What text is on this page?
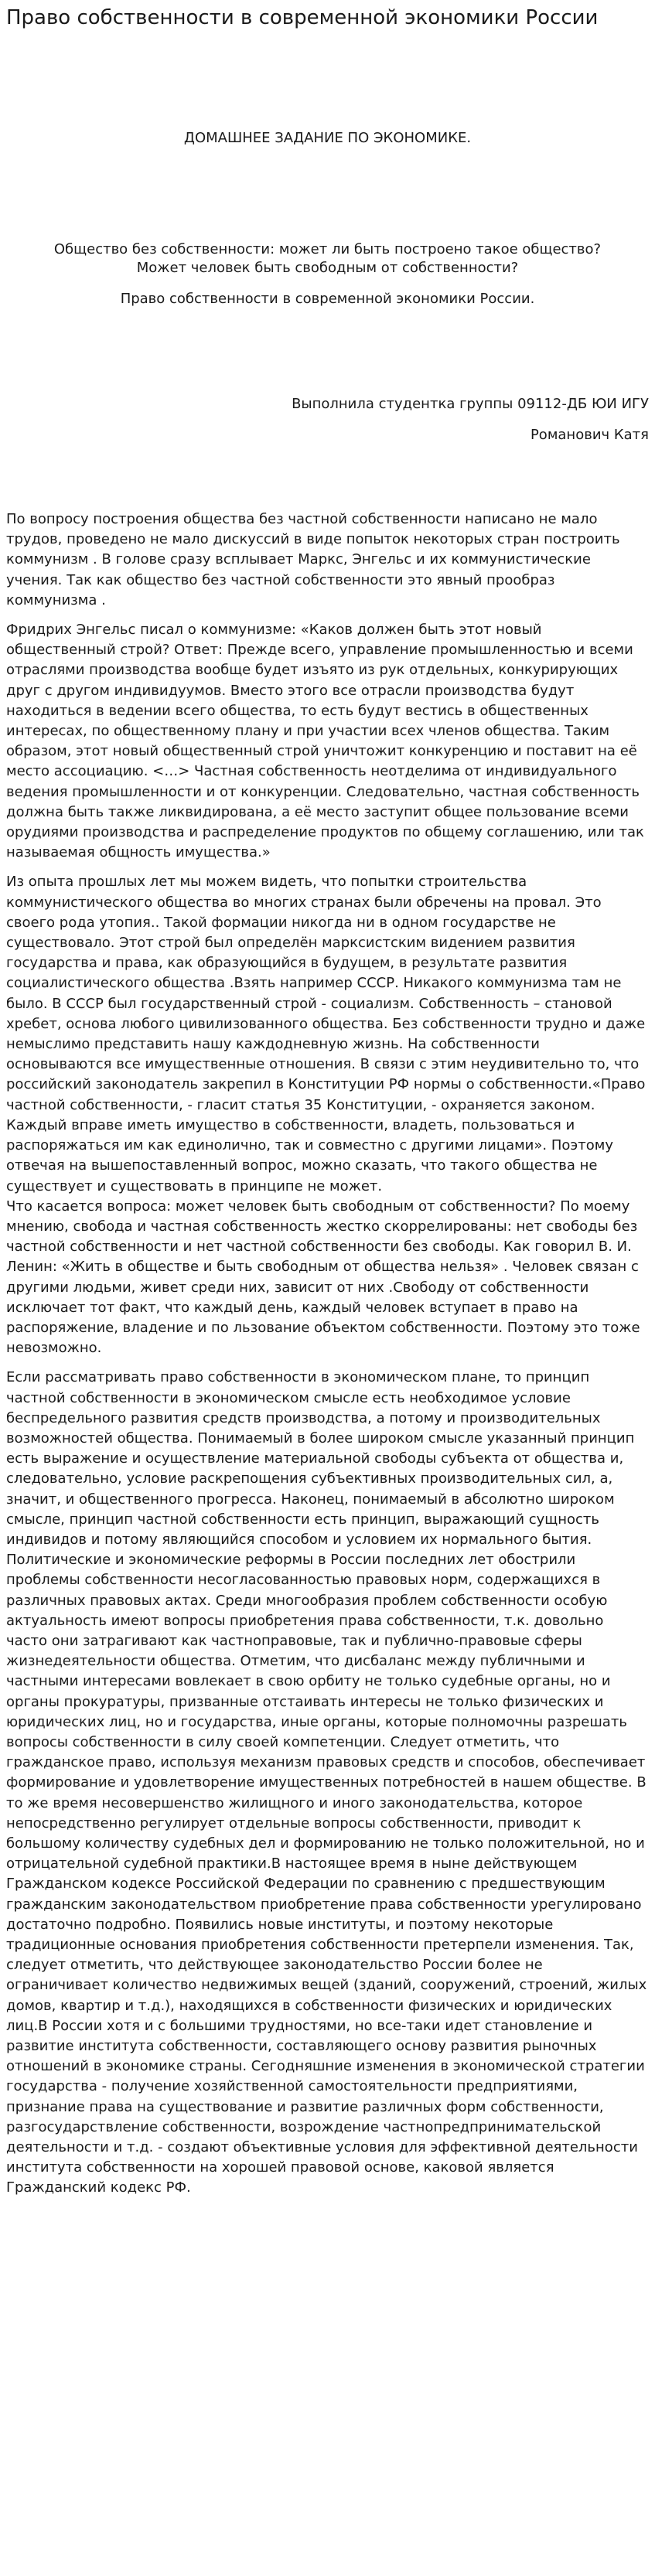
Право собственности в современной экономики России
ДОМАШНЕЕ ЗАДАНИЕ ПО ЭКОНОМИКЕ.

Общество без собственности: может ли быть построено такое общество?

Может человек быть свободным от собственности?

Право собственности в современной экономики России.
Выполнила студентка группы 09112-ДБ ЮИ ИГУ
Романович Катя

По вопросу построения общества без частной собственности написано не мало трудов, проведено не мало дискуссий в виде попыток некоторых стран построить коммунизм . В голове сразу всплывает Маркс, Энгельс и их коммунистические учения. Так как общество без частной собственности это явный прообраз коммунизма .

Фридрих Энгельс писал о коммунизме: «Каков должен быть этот новый общественный строй? Ответ: Прежде всего, управление промышленностью и всеми отраслями производства вообще будет изъято из рук отдельных, конкурирующих друг с другом индивидуумов. Вместо этого все отрасли производства будут находиться в ведении всего общества, то есть будут вестись в общественных интересах, по общественному плану и при участии всех членов общества. Таким образом, этот новый общественный строй уничтожит конкуренцию и поставит на её место ассоциацию. <…> Частная собственность неотделима от индивидуального ведения промышленности и от конкуренции. Следовательно, частная собственность должна быть также ликвидирована, а её место заступит общее пользование всеми орудиями производства и распределение продуктов по общему соглашению, или так называемая общность имущества.»

Из опыта прошлых лет мы можем видеть, что попытки строительства коммунистического общества во многих странах были обречены на провал. Это своего рода утопия.. Такой формации никогда ни в одном государстве не существовало. Этот строй был определён марксистским видением развития государства и права, как образующийся в будущем, в результате развития социалистического общества .Взять например СССР. Никакого коммунизма там не было. В СССР был государственный строй - социализм. Собственность – становой хребет, основа любого цивилизованного общества. Без собственности трудно и даже немыслимо представить нашу каждодневную жизнь. На собственности основываются все имущественные отношения. В связи с этим неудивительно то, что российский законодатель закрепил в Конституции РФ нормы о собственности.«Право частной собственности, - гласит статья 35 Конституции, - охраняется законом. Каждый вправе иметь имущество в собственности, владеть, пользоваться и распоряжаться им как единолично, так и совместно с другими лицами». Поэтому отвечая на вышепоставленный вопрос, можно сказать, что такого общества не существует и существовать в принципе не может.

Что касается вопроса: может человек быть свободным от собственности? По моему мнению, свобода и частная собственность жестко скоррелированы: нет свободы без частной собственности и нет частной собственности без свободы. Как говорил В. И. Ленин: «Жить в обществе и быть свободным от общества нельзя» . Человек связан с другими людьми, живет среди них, зависит от них .Свободу от собственности исключает тот факт, что каждый день, каждый человек вступает в право на распоряжение, владение и по льзование объектом собственности. Поэтому это тоже невозможно.

Если рассматривать право собственности в экономическом плане, то принцип частной собственности в экономическом смысле есть необходимое условие беспредельного развития средств производства, а потому и производительных возможностей общества. Понимаемый в более широком смысле указанный принцип есть выражение и осуществление материальной свободы субъекта от общества и, следовательно, условие раскрепощения субъективных производительных сил, а, значит, и общественного прогресса. Наконец, понимаемый в абсолютно широком смысле, принцип частной собственности есть принцип, выражающий сущность индивидов и потому являющийся способом и условием их нормального бытия. Политические и экономические реформы в России последних лет обострили проблемы собственности несогласованностью правовых норм, содержащихся в различных правовых актах. Среди многообразия проблем собственности особую актуальность имеют вопросы приобретения права собственности, т.к. довольно часто они затрагивают как частноправовые, так и публично-правовые сферы жизнедеятельности общества. Отметим, что дисбаланс между публичными и частными интересами вовлекает в свою орбиту не только судебные органы, но и органы прокуратуры, призванные отстаивать интересы не только физических и юридических лиц, но и государства, иные органы, которые полномочны разрешать вопросы собственности в силу своей компетенции. Следует отметить, что гражданское право, используя механизм правовых средств и способов, обеспечивает формирование и удовлетворение имущественных потребностей в нашем обществе. В то же время несовершенство жилищного и иного законодательства, которое непосредственно регулирует отдельные вопросы собственности, приводит к большому количеству судебных дел и формированию не только положительной, но и отрицательной судебной практики.В настоящее время в ныне действующем Гражданском кодексе Российской Федерации по сравнению с предшествующим гражданским законодательством приобретение права собственности урегулировано достаточно подробно. Появились новые институты, и поэтому некоторые традиционные основания приобретения собственности претерпели изменения. Так, следует отметить, что действующее законодательство России более не ограничивает количество недвижимых вещей (зданий, сооружений, строений, жилых домов, квартир и т.д.), находящихся в собственности физических и юридических лиц.В России хотя и с большими трудностями, но все-таки идет становление и развитие института собственности, составляющего основу развития рыночных отношений в экономике страны. Сегодняшние изменения в экономической стратегии государства - получение хозяйственной самостоятельности предприятиями, признание права на существование и развитие различных форм собственности, разгосударствление собственности, возрождение частнопредпринимательской деятельности и т.д. - создают объективные условия для эффективной деятельности института собственности на хорошей правовой основе, каковой является Гражданский кодекс РФ.
